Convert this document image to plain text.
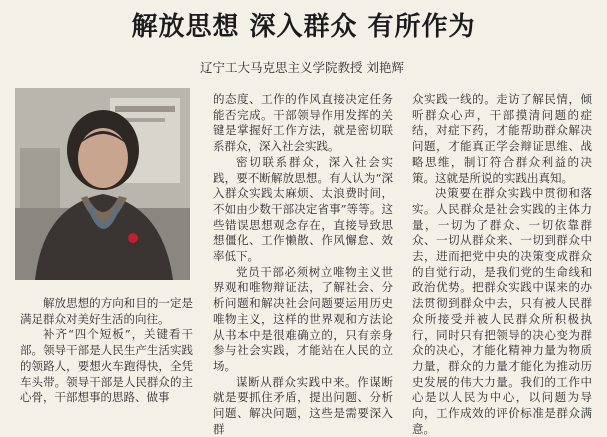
解放思想 深入群众 有所作为
辽宁工大马克思主义学院教授 刘艳辉

解放思想的方向和目的一定是满足群众对美好生活的向往。

补齐“四个短板”，关键看干部。领导干部是人民生产生活实践的领路人，要想火车跑得快，全凭车头带。领导干部是人民群众的主心骨，干部想事的思路、做事

的态度、工作的作风直接决定任务能否完成。干部领导作用发挥的关键是掌握好工作方法，就是密切联系群众，深入社会实践。

密切联系群众，深入社会实践，要不断解放思想。有人认为“深入群众实践太麻烦、太浪费时间，不如由少数干部决定省事”等等。这些错误思想观念存在，直接导致思想僵化、工作懒散、作风懈怠、效率低下。

党员干部必须树立唯物主义世界观和唯物辩证法，了解社会、分析问题和解决社会问题要运用历史唯物主义，这样的世界观和方法论从书本中是很难确立的，只有亲身参与社会实践，才能站在人民的立场。

谋断从群众实践中来。作谋断就是要抓住矛盾，提出问题、分析问题、解决问题，这些是需要深入群

众实践一线的。走访了解民情，倾听群众心声，干部摸清问题的症结，对症下药，才能帮助群众解决问题，才能真正学会辩证思维、战略思维，制订符合群众利益的决策。这就是所说的实践出真知。

决策要在群众实践中贯彻和落实。人民群众是社会实践的主体力量，一切为了群众、一切依靠群众、一切从群众来、一切到群众中去，进而把党中央的决策变成群众的自觉行动，是我们党的生命线和政治优势。把群众实践中谋来的办法贯彻到群众中去，只有被人民群众所接受并被人民群众所积极执行，同时只有把领导的决心变为群众的决心，才能化精神力量为物质力量，群众的力量才能化为推动历史发展的伟大力量。我们的工作中心是以人民为中心，以问题为导向，工作成效的评价标准是群众满意。
